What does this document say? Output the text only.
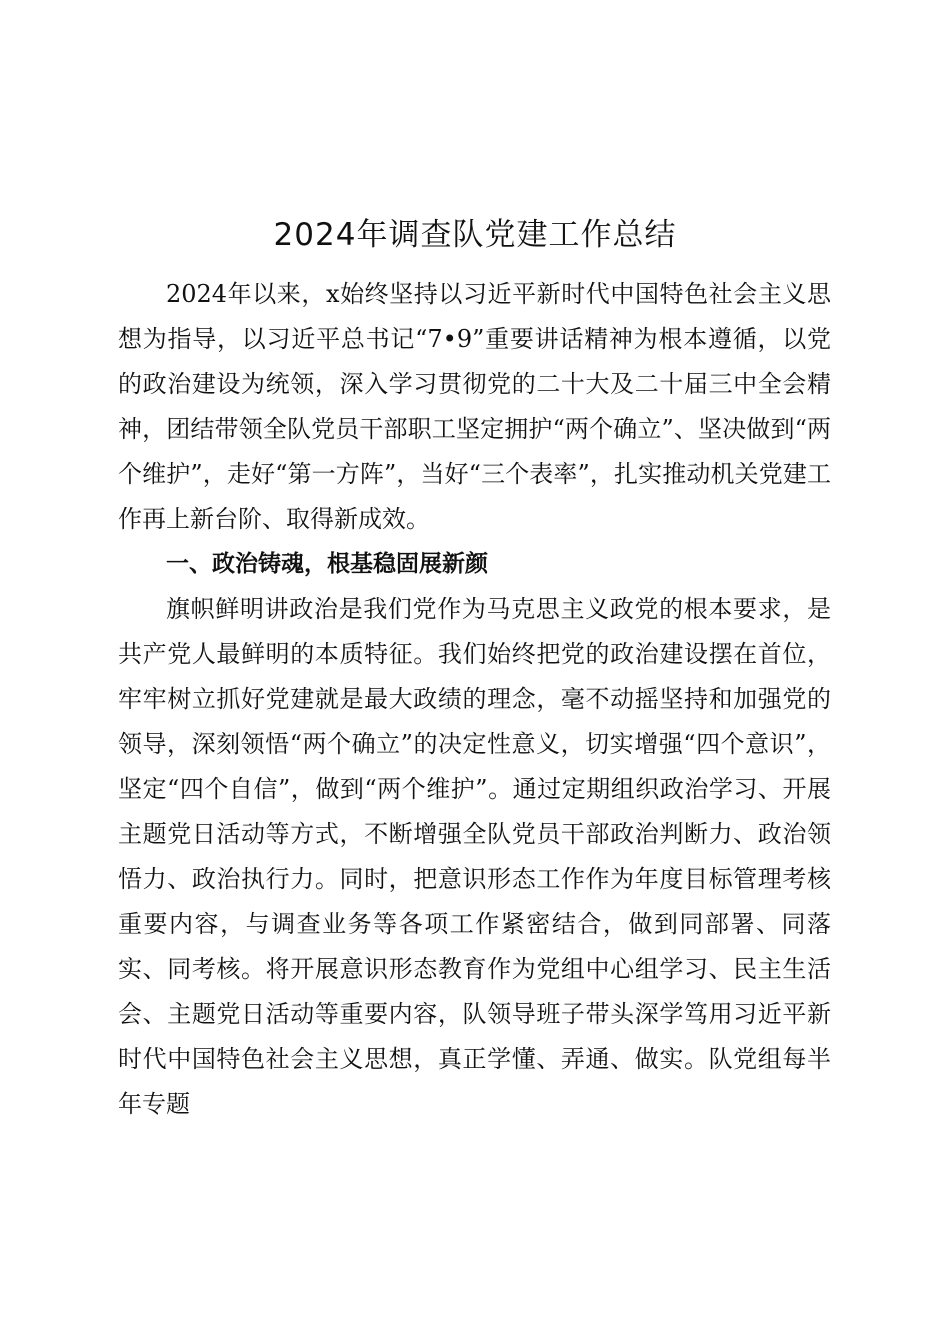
2024年调查队党建工作总结

2024年以来，x始终坚持以习近平新时代中国特色社会主义思想为指导，以习近平总书记“7•9”重要讲话精神为根本遵循，以党的政治建设为统领，深入学习贯彻党的二十大及二十届三中全会精神，团结带领全队党员干部职工坚定拥护“两个确立”、坚决做到“两个维护”，走好“第一方阵”，当好“三个表率”，扎实推动机关党建工作再上新台阶、取得新成效。

一、政治铸魂，根基稳固展新颜

旗帜鲜明讲政治是我们党作为马克思主义政党的根本要求，是共产党人最鲜明的本质特征。我们始终把党的政治建设摆在首位，牢牢树立抓好党建就是最大政绩的理念，毫不动摇坚持和加强党的领导，深刻领悟“两个确立”的决定性意义，切实增强“四个意识”，坚定“四个自信”，做到“两个维护”。通过定期组织政治学习、开展主题党日活动等方式，不断增强全队党员干部政治判断力、政治领悟力、政治执行力。同时，把意识形态工作作为年度目标管理考核重要内容，与调查业务等各项工作紧密结合，做到同部署、同落实、同考核。将开展意识形态教育作为党组中心组学习、民主生活会、主题党日活动等重要内容，队领导班子带头深学笃用习近平新时代中国特色社会主义思想，真正学懂、弄通、做实。队党组每半年专题
